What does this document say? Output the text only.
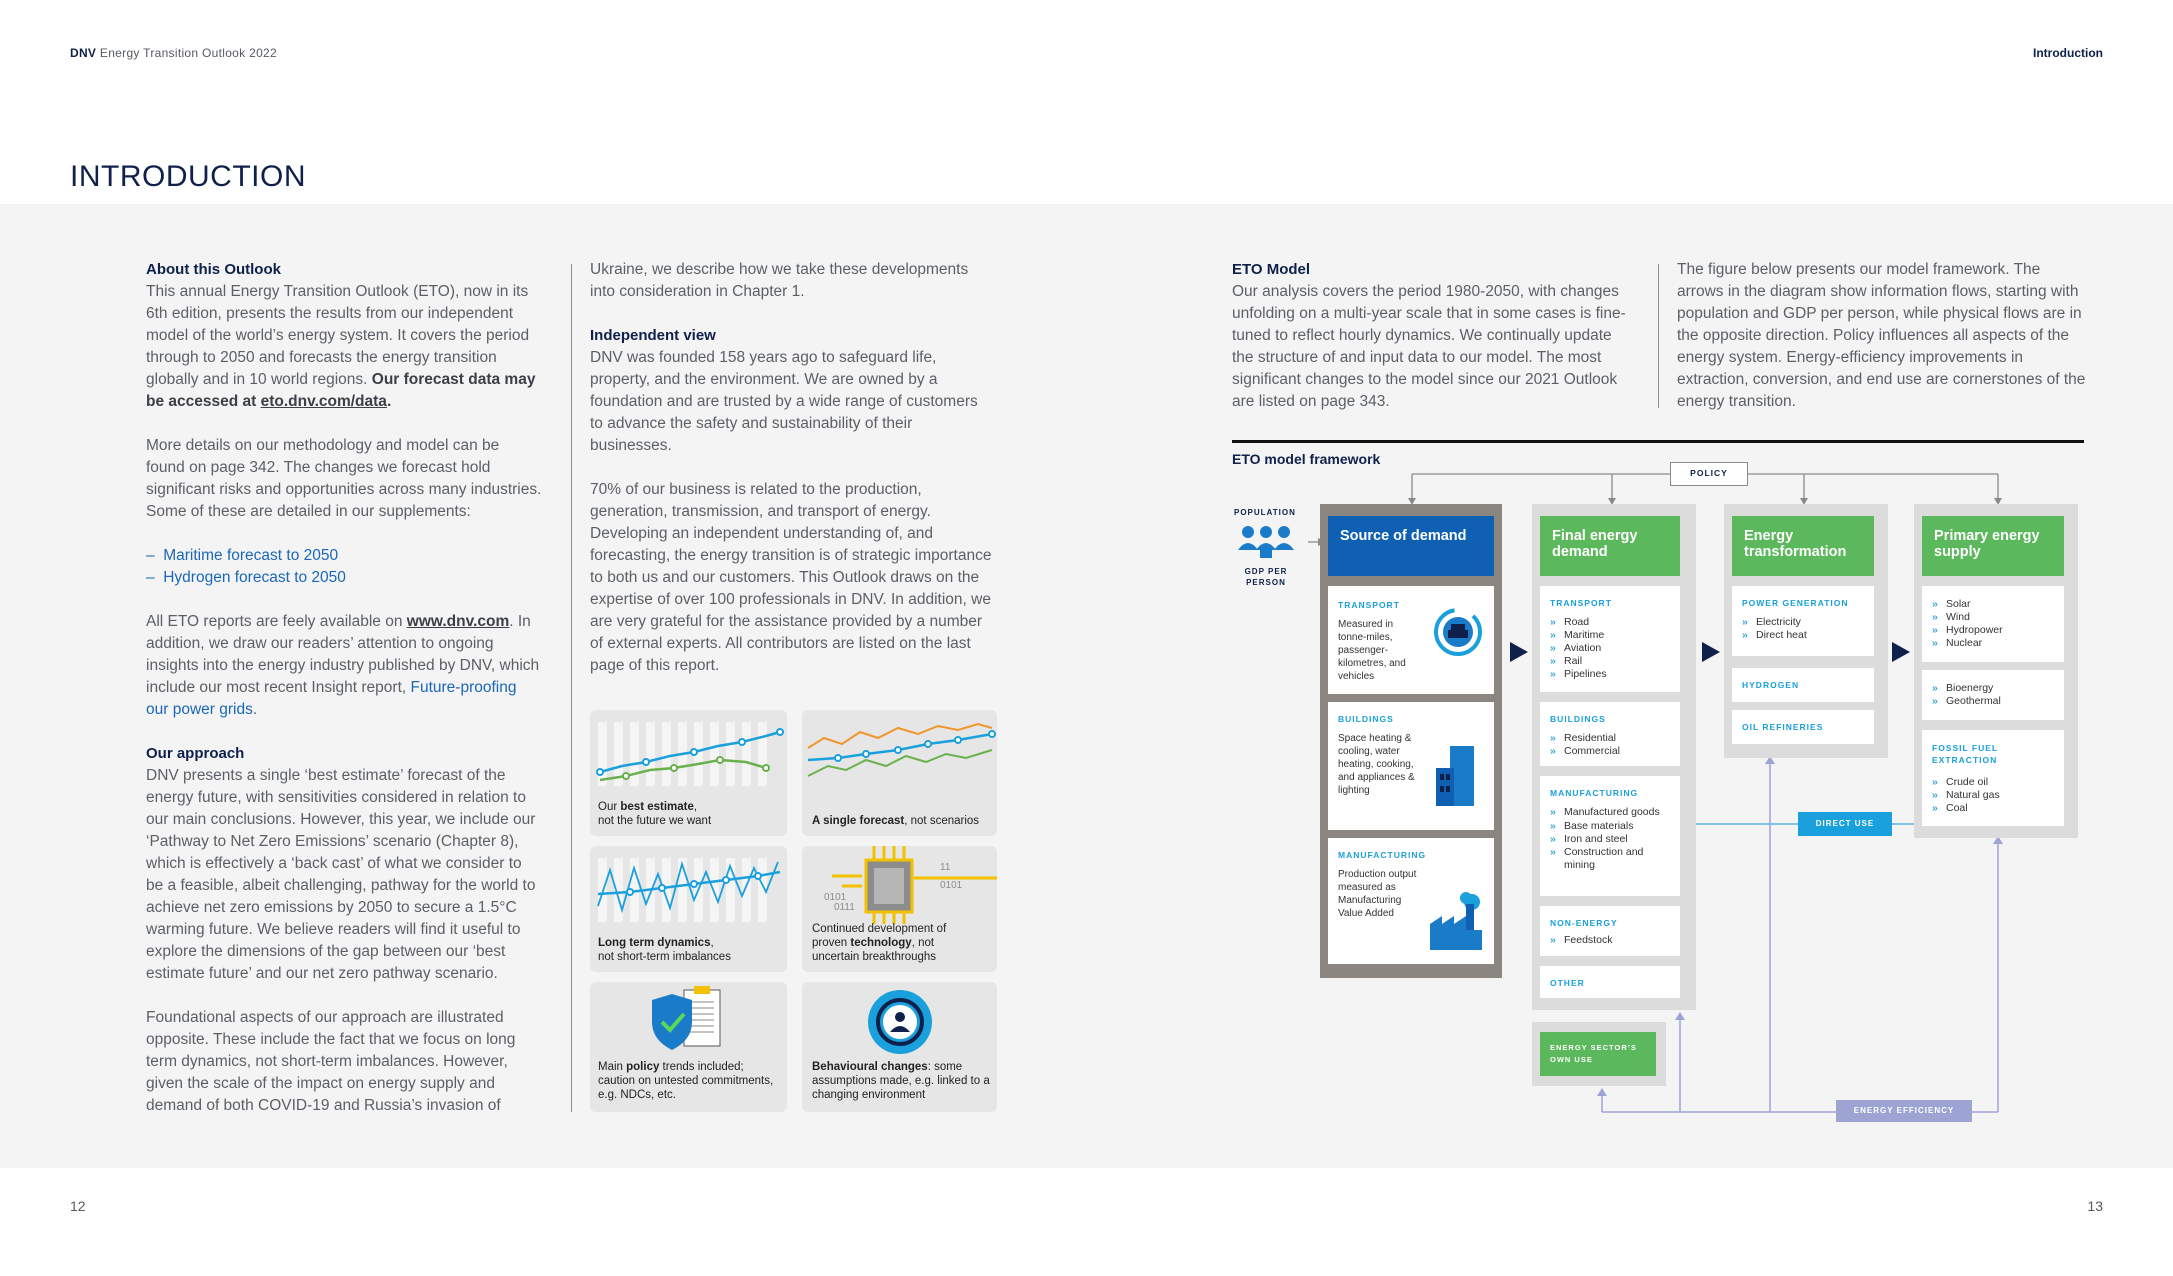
DNV Energy Transition Outlook 2022	Introduction
INTRODUCTION
About this Outlook

This annual Energy Transition Outlook (ETO), now in its 6th edition, presents the results from our independent model of the world’s energy system. It covers the period through to 2050 and forecasts the energy transition globally and in 10 world regions. Our forecast data may be accessed at eto.dnv.com/data.

More details on our methodology and model can be found on page 342. The changes we forecast hold significant risks and opportunities across many industries. Some of these are detailed in our supplements:

–  Maritime forecast to 2050
–  Hydrogen forecast to 2050

All ETO reports are feely available on www.dnv.com. In addition, we draw our readers’ attention to ongoing insights into the energy industry published by DNV, which include our most recent Insight report, Future-proofing our power grids.

Our approach

DNV presents a single ‘best estimate’ forecast of the energy future, with sensitivities considered in relation to our main conclusions. However, this year, we include our ‘Pathway to Net Zero Emissions’ scenario (Chapter 8), which is effectively a ‘back cast’ of what we consider to be a feasible, albeit challenging, pathway for the world to achieve net zero emissions by 2050 to secure a 1.5°C warming future. We believe readers will find it useful to explore the dimensions of the gap between our ‘best estimate future’ and our net zero pathway scenario.

Foundational aspects of our approach are illustrated opposite. These include the fact that we focus on long term dynamics, not short-term imbalances. However, given the scale of the impact on energy supply and demand of both COVID-19 and Russia’s invasion of

Ukraine, we describe how we take these developments into consideration in Chapter 1.

Independent view

DNV was founded 158 years ago to safeguard life, property, and the environment. We are owned by a foundation and are trusted by a wide range of customers to advance the safety and sustainability of their businesses.

70% of our business is related to the production, generation, transmission, and transport of energy. Developing an independent understanding of, and forecasting, the energy transition is of strategic importance to both us and our customers. This Outlook draws on the expertise of over 100 professionals in DNV. In addition, we are very grateful for the assistance provided by a number of external experts. All contributors are listed on the last page of this report.

Our best estimate,
not the future we want	A single forecast, not scenarios
Long term dynamics,
not short-term imbalances
11
0101
0101
0111
Continued development of proven technology, not uncertain breakthroughs
Main policy trends included; caution on untested commitments, e.g. NDCs, etc.
Behavioural changes: some assumptions made, e.g. linked to a changing environment
ETO Model

Our analysis covers the period 1980-2050, with changes unfolding on a multi-year scale that in some cases is fine-tuned to reflect hourly dynamics. We continually update the structure of and input data to our model. The most significant changes to the model since our 2021 Outlook are listed on page 343.

The figure below presents our model framework. The arrows in the diagram show information flows, starting with population and GDP per person, while physical flows are in the opposite direction. Policy influences all aspects of the energy system. Energy-efficiency improvements in extraction, conversion, and end use are cornerstones of the energy transition.

ETO model framework
POLICY
POPULATION
GDP PER PERSON
Source of demand
TRANSPORT
Measured in tonne-miles, passenger-kilometres, and vehicles
BUILDINGS
Space heating & cooling, water heating, cooking, and appliances & lighting
MANUFACTURING
Production output measured as Manufacturing Value Added
Final energy demand
TRANSPORT
» Road
» Maritime
» Aviation
» Rail
» Pipelines
BUILDINGS
» Residential
» Commercial
MANUFACTURING
» Manufactured goods
» Base materials
» Iron and steel
» Construction and mining
NON-ENERGY
» Feedstock
OTHER
ENERGY SECTOR’S OWN USE
Energy transformation
POWER GENERATION
» Electricity
» Direct heat
HYDROGEN
OIL REFINERIES
Primary energy supply
» Solar
» Wind
» Hydropower
» Nuclear
» Bioenergy
» Geothermal
FOSSIL FUEL EXTRACTION
» Crude oil
» Natural gas
» Coal
DIRECT USE
ENERGY EFFICIENCY
12	13
